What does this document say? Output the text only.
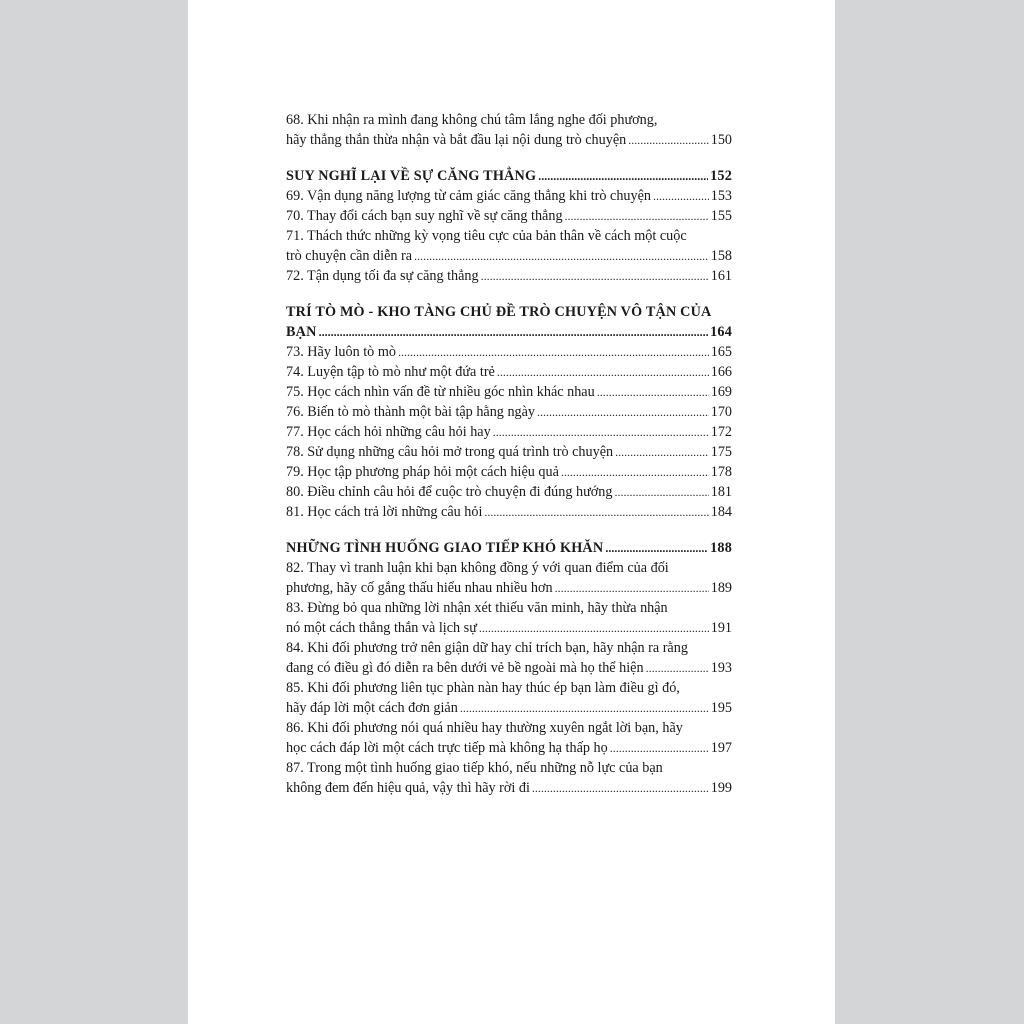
68. Khi nhận ra mình đang không chú tâm lắng nghe đối phương,
hãy thẳng thắn thừa nhận và bắt đầu lại nội dung trò chuyện .....	150
SUY NGHĨ LẠI VỀ SỰ CĂNG THẲNG .....	152
69. Vận dụng năng lượng từ cảm giác căng thẳng khi trò chuyện .....	153
70. Thay đổi cách bạn suy nghĩ về sự căng thẳng .....	155
71. Thách thức những kỳ vọng tiêu cực của bản thân về cách một cuộc
trò chuyện cần diễn ra .....	158
72. Tận dụng tối đa sự căng thẳng .....	161
TRÍ TÒ MÒ - KHO TÀNG CHỦ ĐỀ TRÒ CHUYỆN VÔ TẬN CỦA
BẠN .....	164
73. Hãy luôn tò mò .....	165
74. Luyện tập tò mò như một đứa trẻ .....	166
75. Học cách nhìn vấn đề từ nhiều góc nhìn khác nhau .....	169
76. Biến tò mò thành một bài tập hằng ngày .....	170
77. Học cách hỏi những câu hỏi hay .....	172
78. Sử dụng những câu hỏi mở trong quá trình trò chuyện .....	175
79. Học tập phương pháp hỏi một cách hiệu quả .....	178
80. Điều chỉnh câu hỏi để cuộc trò chuyện đi đúng hướng .....	181
81. Học cách trả lời những câu hỏi .....	184
NHỮNG TÌNH HUỐNG GIAO TIẾP KHÓ KHĂN .....	188
82. Thay vì tranh luận khi bạn không đồng ý với quan điểm của đối
phương, hãy cố gắng thấu hiểu nhau nhiều hơn .....	189
83. Đừng bỏ qua những lời nhận xét thiếu văn minh, hãy thừa nhận
nó một cách thẳng thắn và lịch sự .....	191
84. Khi đối phương trở nên giận dữ hay chỉ trích bạn, hãy nhận ra rằng
đang có điều gì đó diễn ra bên dưới vẻ bề ngoài mà họ thể hiện .....	193
85. Khi đối phương liên tục phàn nàn hay thúc ép bạn làm điều gì đó,
hãy đáp lời một cách đơn giản .....	195
86. Khi đối phương nói quá nhiều hay thường xuyên ngắt lời bạn, hãy
học cách đáp lời một cách trực tiếp mà không hạ thấp họ .....	197
87. Trong một tình huống giao tiếp khó, nếu những nỗ lực của bạn
không đem đến hiệu quả, vậy thì hãy rời đi .....	199
